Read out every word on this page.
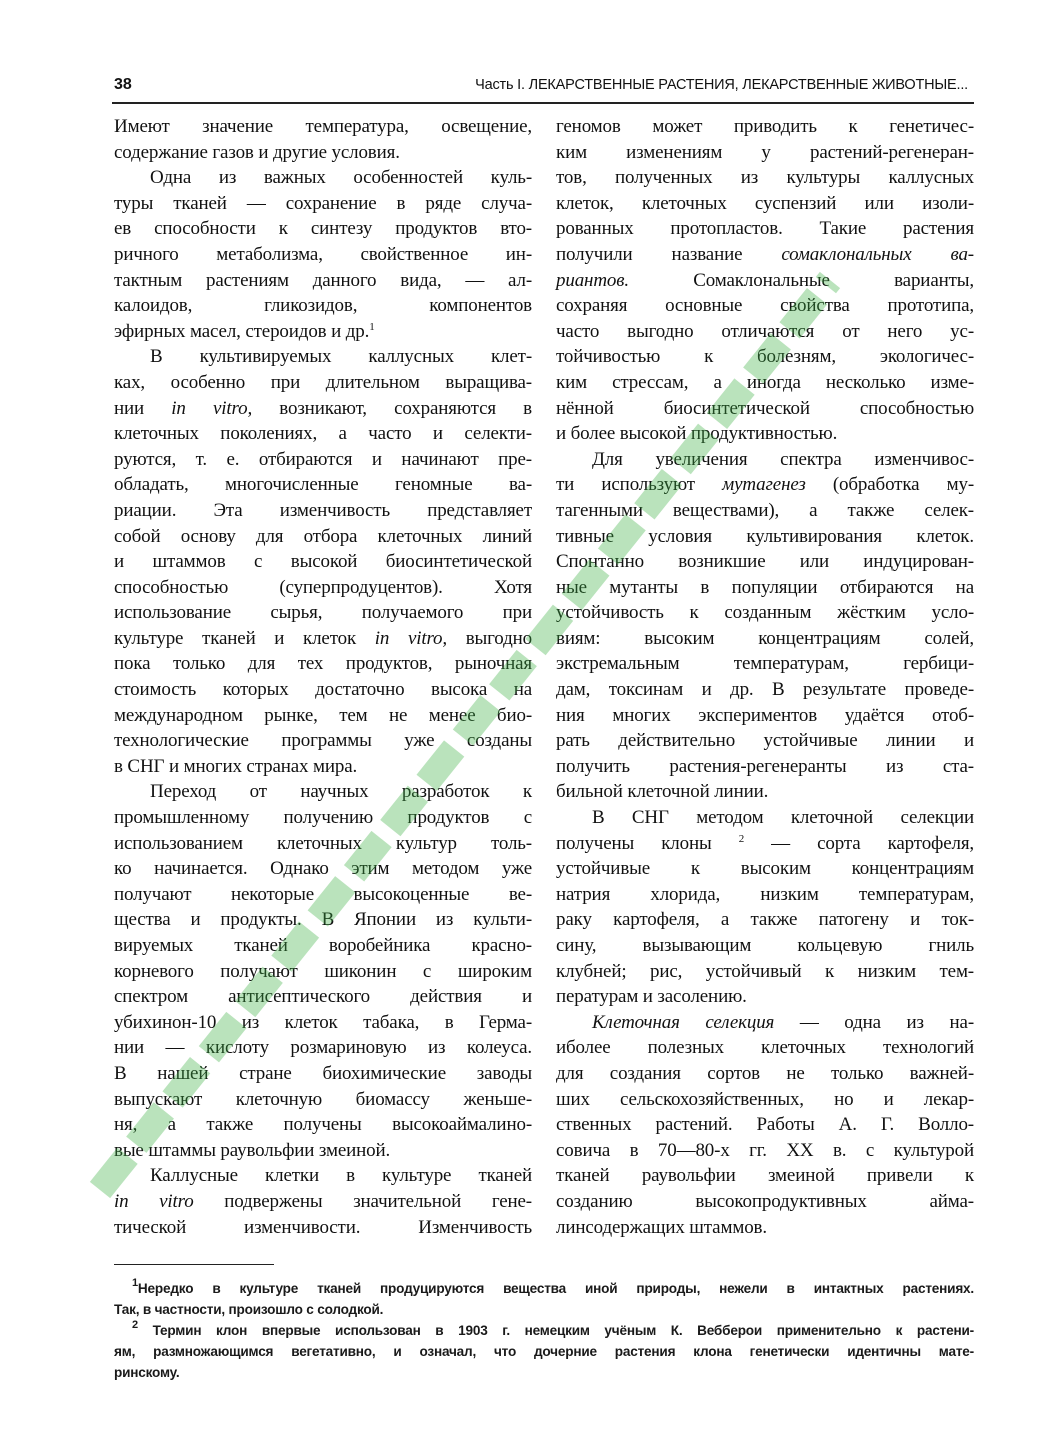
38	Часть I. ЛЕКАРСТВЕННЫЕ РАСТЕНИЯ, ЛЕКАРСТВЕННЫЕ ЖИВОТНЫЕ...
Имеют значение температура, освещение,
содержание газов и другие условия.
Одна из важных особенностей куль-
туры тканей — сохранение в ряде случа-
ев способности к синтезу продуктов вто-
ричного метаболизма, свойственное ин-
тактным растениям данного вида, — ал-
калоидов, гликозидов, компонентов
эфирных масел, стероидов и др.$^1$
В культивируемых каллусных клет-
ках, особенно при длительном выращива-
нии in vitro, возникают, сохраняются в
клеточных поколениях, а часто и селекти-
руются, т. е. отбираются и начинают пре-
обладать, многочисленные геномные ва-
риации. Эта изменчивость представляет
собой основу для отбора клеточных линий
и штаммов с высокой биосинтетической
способностью (суперпродуцентов). Хотя
использование сырья, получаемого при
культуре тканей и клеток in vitro, выгодно
пока только для тех продуктов, рыночная
стоимость которых достаточно высока на
международном рынке, тем не менее био-
технологические программы уже созданы
в СНГ и многих странах мира.
Переход от научных разработок к
промышленному получению продуктов с
использованием клеточных культур толь-
ко начинается. Однако этим методом уже
получают некоторые высокоценные ве-
щества и продукты. В Японии из культи-
вируемых тканей воробейника красно-
корневого получают шиконин с широким
спектром антисептического действия и
убихинон-10 из клеток табака, в Герма-
нии — кислоту розмариновую из колеуса.
В нашей стране биохимические заводы
выпускают клеточную биомассу женьше-
ня, а также получены высокоаймалино-
вые штаммы раувольфии змеиной.
Каллусные клетки в культуре тканей
in vitro подвержены значительной гене-
тической изменчивости. Изменчивость
геномов может приводить к генетичес-
ким изменениям у растений-регенеран-
тов, полученных из культуры каллусных
клеток, клеточных суспензий или изоли-
рованных протопластов. Такие растения
получили название сомаклональных ва-
риантов. Сомаклональные варианты,
сохраняя основные свойства прототипа,
часто выгодно отличаются от него ус-
тойчивостью к болезням, экологичес-
ким стрессам, а иногда несколько изме-
нённой биосинтетической способностью
и более высокой продуктивностью.
Для увеличения спектра изменчивос-
ти используют мутагенез (обработка му-
тагенными веществами), а также селек-
тивные условия культивирования клеток.
Спонтанно возникшие или индуцирован-
ные мутанты в популяции отбираются на
устойчивость к созданным жёстким усло-
виям: высоким концентрациям солей,
экстремальным температурам, гербици-
дам, токсинам и др. В результате проведе-
ния многих экспериментов удаётся отоб-
рать действительно устойчивые линии и
получить растения-регенеранты из ста-
бильной клеточной линии.
В СНГ методом клеточной селекции
получены клоны $^2$ — сорта картофеля,
устойчивые к высоким концентрациям
натрия хлорида, низким температурам,
раку картофеля, а также патогену и ток-
сину, вызывающим кольцевую гниль
клубней; рис, устойчивый к низким тем-
пературам и засолению.
Клеточная селекция — одна из на-
иболее полезных клеточных технологий
для создания сортов не только важней-
ших сельскохозяйственных, но и лекар-
ственных растений. Работы А. Г. Волло-
совича в 70—80-х гг. XX в. с культурой
тканей раувольфии змеиной привели к
созданию высокопродуктивных айма-
линсодержащих штаммов.
$^1$Нередко в культуре тканей продуцируются вещества иной природы, нежели в интактных растениях.
Так, в частности, произошло с солодкой.
$^2$ Термин клон впервые использован в 1903 г. немецким учёным К. Вебберои применительно к растени-
ям, размножающимся вегетативно, и означал, что дочерние растения клона генетически идентичны мате-
ринскому.
